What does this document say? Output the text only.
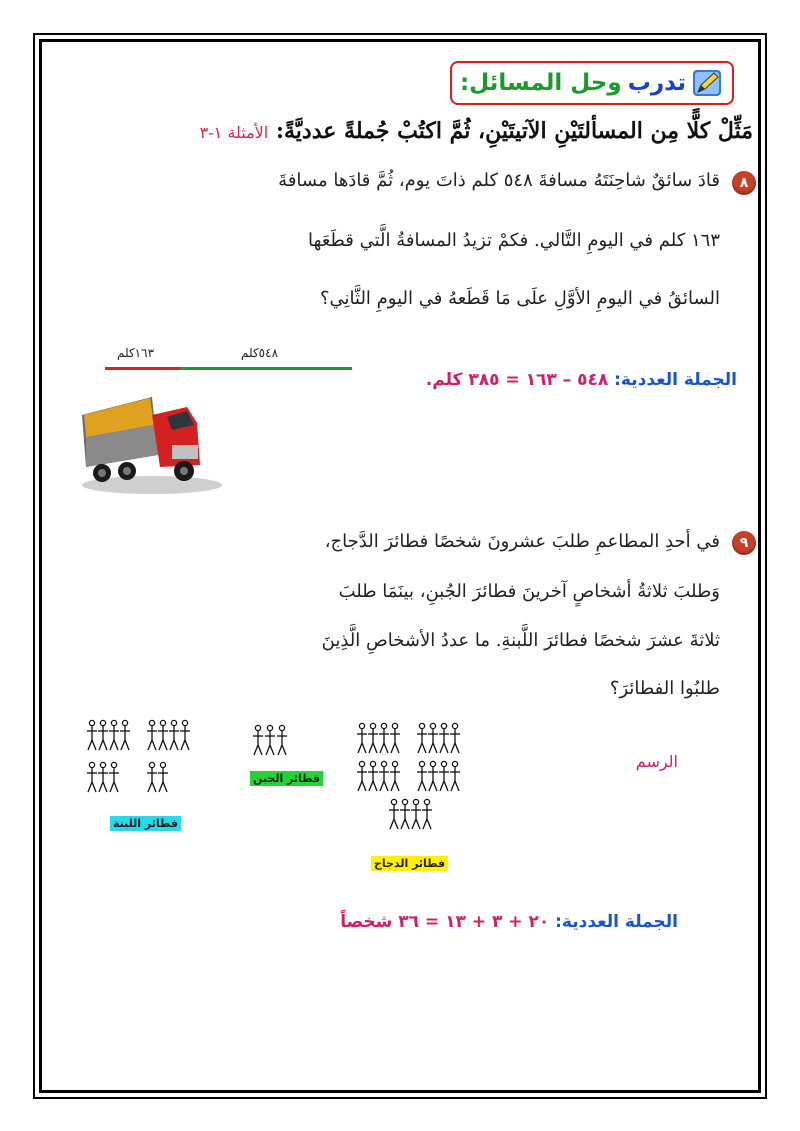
تدرب
وحل المسائل:
مَثِّلْ كلًّا مِن المسألتَيْنِ الآتيتَيْنِ، ثُمَّ اكتُبْ جُملةً عدديَّةً: الأمثلة ١-٣
٨
قادَ سائقٌ شاحِنَتَهُ مسافةَ ٥٤٨ كلم ذاتَ يوم، ثُمَّ قادَها مسافةَ
١٦٣ كلم في اليومِ التَّالي. فكمْ تزيدُ المسافةُ الَّتي قطَعَها
السائقُ في اليومِ الأوَّلِ علَى مَا قَطَعهُ في اليومِ الثَّانِي؟
١٦٣كلم	٥٤٨كلم
الجملة العددية: ٥٤٨ – ١٦٣ = ٣٨٥ كلم.
٩
في أحدِ المطاعمِ طلبَ عشرونَ شخصًا فطائرَ الدَّجاج،
وَطلبَ ثلاثةُ أشخاصٍ آخرينَ فطائرَ الجُبنِ، بينَمَا طلبَ
ثلاثةَ عشرَ شخصًا فطائرَ اللَّبنةِ. ما عددُ الأشخاصِ الَّذِينَ
طلبُوا الفطائرَ؟
الرسم
فطائر الدجاج
فطائر الجبن
فطائر اللبنة
الجملة العددية: ٢٠ + ٣ + ١٣ = ٣٦ شخصاً
